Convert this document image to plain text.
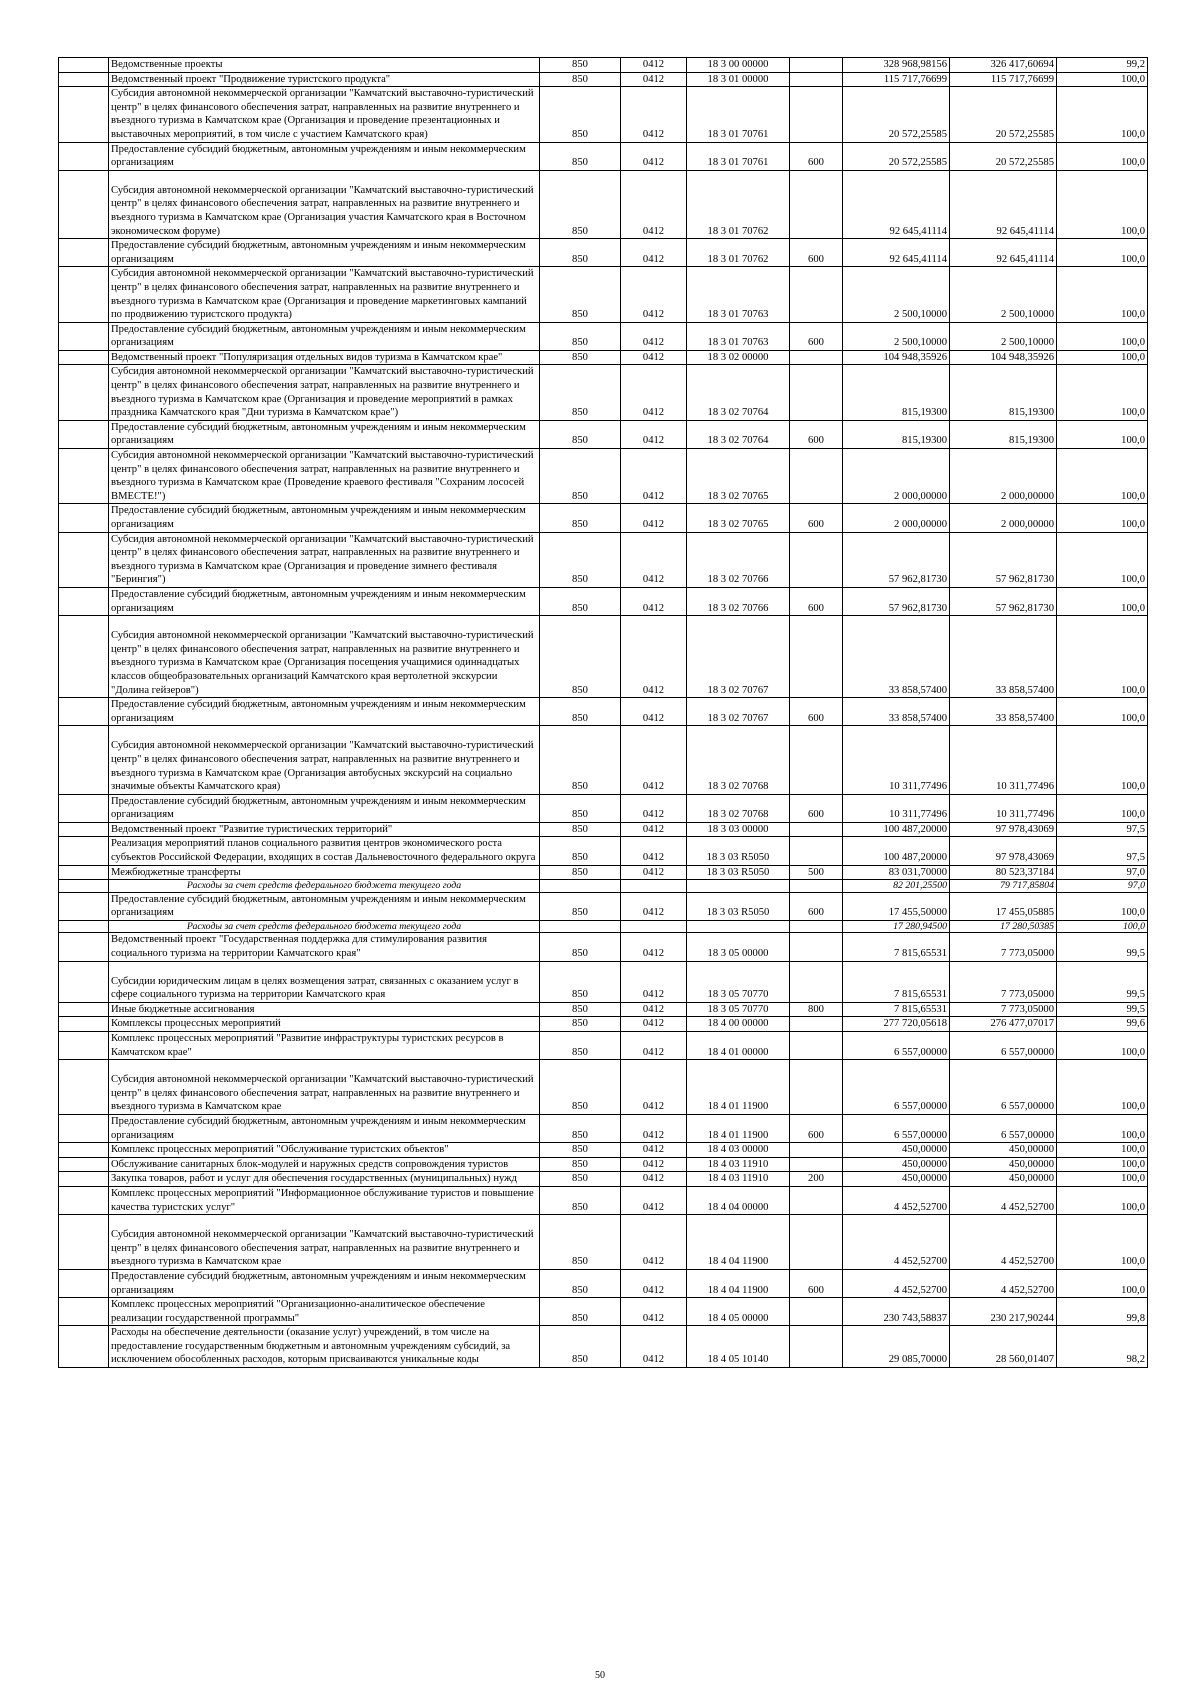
	Ведомственные проекты	850	0412	18 3 00 00000		328 968,98156	326 417,60694	99,2
	Ведомственный проект "Продвижение туристского продукта"	850	0412	18 3 01 00000		115 717,76699	115 717,76699	100,0
	Субсидия автономной некоммерческой организации "Камчатский выставочно-туристический центр" в целях финансового обеспечения затрат, направленных на развитие внутреннего и въездного туризма в Камчатском крае (Организация и проведение презентационных и выставочных мероприятий, в том числе с участием Камчатского края)	850	0412	18 3 01 70761		20 572,25585	20 572,25585	100,0
	Предоставление субсидий бюджетным, автономным учреждениям и иным некоммерческим организациям	850	0412	18 3 01 70761	600	20 572,25585	20 572,25585	100,0

Субсидия автономной некоммерческой организации "Камчатский выставочно-туристический центр" в целях финансового обеспечения затрат, направленных на развитие внутреннего и въездного туризма в Камчатском крае (Организация участия Камчатского края в Восточном экономическом форуме)	850	0412	18 3 01 70762		92 645,41114	92 645,41114	100,0
	Предоставление субсидий бюджетным, автономным учреждениям и иным некоммерческим организациям	850	0412	18 3 01 70762	600	92 645,41114	92 645,41114	100,0
	Субсидия автономной некоммерческой организации "Камчатский выставочно-туристический центр" в целях финансового обеспечения затрат, направленных на развитие внутреннего и въездного туризма в Камчатском крае (Организация и проведение маркетинговых кампаний по продвижению туристского продукта)	850	0412	18 3 01 70763		2 500,10000	2 500,10000	100,0
	Предоставление субсидий бюджетным, автономным учреждениям и иным некоммерческим организациям	850	0412	18 3 01 70763	600	2 500,10000	2 500,10000	100,0
	Ведомственный проект "Популяризация отдельных видов туризма в Камчатском крае"	850	0412	18 3 02 00000		104 948,35926	104 948,35926	100,0
	Субсидия автономной некоммерческой организации "Камчатский выставочно-туристический центр" в целях финансового обеспечения затрат, направленных на развитие внутреннего и въездного туризма в Камчатском крае (Организация и проведение мероприятий в рамках праздника Камчатского края "Дни туризма в Камчатском крае")	850	0412	18 3 02 70764		815,19300	815,19300	100,0
	Предоставление субсидий бюджетным, автономным учреждениям и иным некоммерческим организациям	850	0412	18 3 02 70764	600	815,19300	815,19300	100,0
	Субсидия автономной некоммерческой организации "Камчатский выставочно-туристический центр" в целях финансового обеспечения затрат, направленных на развитие внутреннего и въездного туризма в Камчатском крае (Проведение краевого фестиваля "Сохраним лососей ВМЕСТЕ!")	850	0412	18 3 02 70765		2 000,00000	2 000,00000	100,0
	Предоставление субсидий бюджетным, автономным учреждениям и иным некоммерческим организациям	850	0412	18 3 02 70765	600	2 000,00000	2 000,00000	100,0
	Субсидия автономной некоммерческой организации "Камчатский выставочно-туристический центр" в целях финансового обеспечения затрат, направленных на развитие внутреннего и въездного туризма в Камчатском крае (Организация и проведение зимнего фестиваля "Берингия")	850	0412	18 3 02 70766		57 962,81730	57 962,81730	100,0
	Предоставление субсидий бюджетным, автономным учреждениям и иным некоммерческим организациям	850	0412	18 3 02 70766	600	57 962,81730	57 962,81730	100,0

Субсидия автономной некоммерческой организации "Камчатский выставочно-туристический центр" в целях финансового обеспечения затрат, направленных на развитие внутреннего и въездного туризма в Камчатском крае (Организация посещения учащимися одиннадцатых классов общеобразовательных организаций Камчатского края вертолетной экскурсии "Долина гейзеров")	850	0412	18 3 02 70767		33 858,57400	33 858,57400	100,0
	Предоставление субсидий бюджетным, автономным учреждениям и иным некоммерческим организациям	850	0412	18 3 02 70767	600	33 858,57400	33 858,57400	100,0

Субсидия автономной некоммерческой организации "Камчатский выставочно-туристический центр" в целях финансового обеспечения затрат, направленных на развитие внутреннего и въездного туризма в Камчатском крае (Организация автобусных экскурсий на социально значимые объекты Камчатского края)	850	0412	18 3 02 70768		10 311,77496	10 311,77496	100,0
	Предоставление субсидий бюджетным, автономным учреждениям и иным некоммерческим организациям	850	0412	18 3 02 70768	600	10 311,77496	10 311,77496	100,0
	Ведомственный проект "Развитие туристических территорий"	850	0412	18 3 03 00000		100 487,20000	97 978,43069	97,5
	Реализация мероприятий планов социального развития центров экономического роста субъектов Российской Федерации, входящих в состав Дальневосточного федерального округа	850	0412	18 3 03 R5050		100 487,20000	97 978,43069	97,5
	Межбюджетные трансферты	850	0412	18 3 03 R5050	500	83 031,70000	80 523,37184	97,0
	Расходы за счет средств федерального бюджета текущего года					82 201,25500	79 717,85804	97,0
	Предоставление субсидий бюджетным, автономным учреждениям и иным некоммерческим организациям	850	0412	18 3 03 R5050	600	17 455,50000	17 455,05885	100,0
	Расходы за счет средств федерального бюджета текущего года					17 280,94500	17 280,50385	100,0
	Ведомственный проект "Государственная поддержка для стимулирования развития социального туризма на территории Камчатского края"	850	0412	18 3 05 00000		7 815,65531	7 773,05000	99,5

Субсидии юридическим лицам в целях возмещения затрат, связанных с оказанием услуг в сфере социального туризма на территории Камчатского края	850	0412	18 3 05 70770		7 815,65531	7 773,05000	99,5
	Иные бюджетные ассигнования	850	0412	18 3 05 70770	800	7 815,65531	7 773,05000	99,5
	Комплексы процессных мероприятий	850	0412	18 4 00 00000		277 720,05618	276 477,07017	99,6
	Комплекс процессных мероприятий "Развитие инфраструктуры туристских ресурсов в Камчатском крае"	850	0412	18 4 01 00000		6 557,00000	6 557,00000	100,0

Субсидия автономной некоммерческой организации "Камчатский выставочно-туристический центр" в целях финансового обеспечения затрат, направленных на развитие внутреннего и въездного туризма в Камчатском крае	850	0412	18 4 01 11900		6 557,00000	6 557,00000	100,0
	Предоставление субсидий бюджетным, автономным учреждениям и иным некоммерческим организациям	850	0412	18 4 01 11900	600	6 557,00000	6 557,00000	100,0
	Комплекс процессных мероприятий "Обслуживание туристских объектов"	850	0412	18 4 03 00000		450,00000	450,00000	100,0
	Обслуживание санитарных блок-модулей и наружных средств сопровождения туристов	850	0412	18 4 03 11910		450,00000	450,00000	100,0
	Закупка товаров, работ и услуг для обеспечения государственных (муниципальных) нужд	850	0412	18 4 03 11910	200	450,00000	450,00000	100,0
	Комплекс процессных мероприятий "Информационное обслуживание туристов и повышение качества туристских услуг"	850	0412	18 4 04 00000		4 452,52700	4 452,52700	100,0

Субсидия автономной некоммерческой организации "Камчатский выставочно-туристический центр" в целях финансового обеспечения затрат, направленных на развитие внутреннего и въездного туризма в Камчатском крае	850	0412	18 4 04 11900		4 452,52700	4 452,52700	100,0
	Предоставление субсидий бюджетным, автономным учреждениям и иным некоммерческим организациям	850	0412	18 4 04 11900	600	4 452,52700	4 452,52700	100,0
	Комплекс процессных мероприятий "Организационно-аналитическое обеспечение реализации государственной программы"	850	0412	18 4 05 00000		230 743,58837	230 217,90244	99,8
	Расходы на обеспечение деятельности (оказание услуг) учреждений, в том числе на предоставление государственным бюджетным и автономным учреждениям субсидий, за исключением обособленных расходов, которым присваиваются уникальные коды	850	0412	18 4 05 10140		29 085,70000	28 560,01407	98,2
50
